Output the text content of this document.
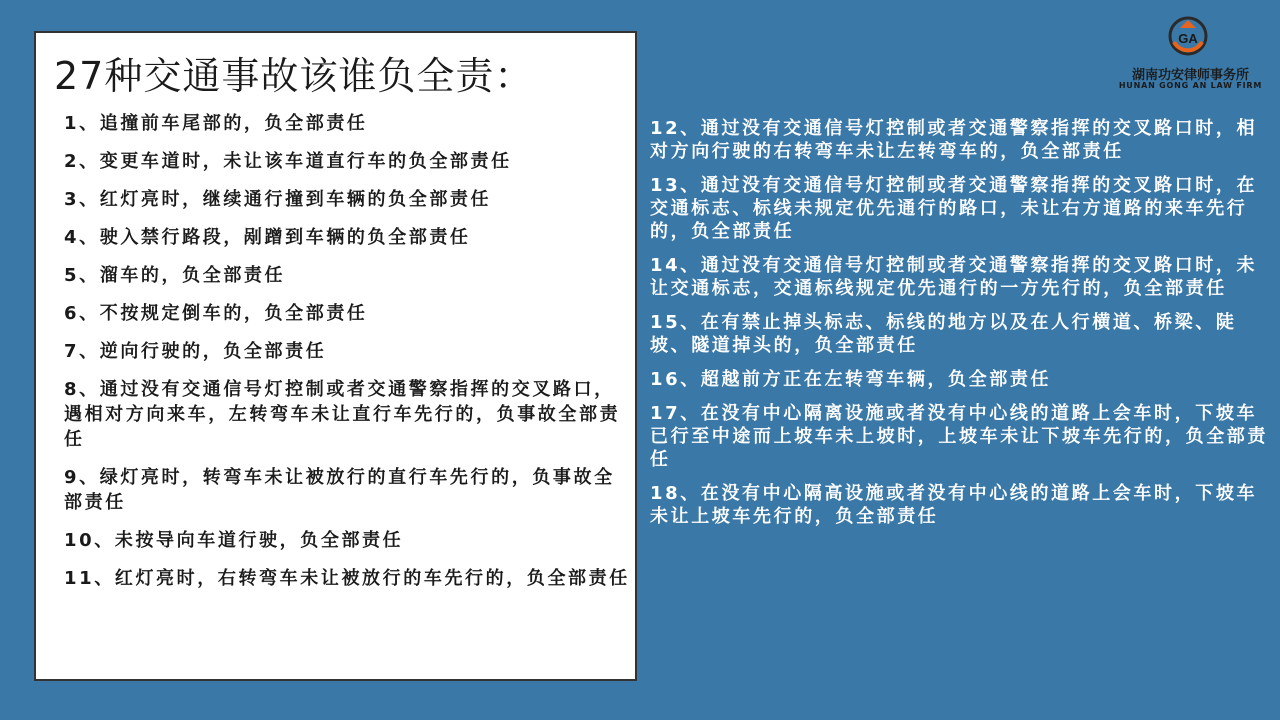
27种交通事故该谁负全责：
1、追撞前车尾部的，负全部责任
2、变更车道时，未让该车道直行车的负全部责任
3、红灯亮时，继续通行撞到车辆的负全部责任
4、驶入禁行路段，剐蹭到车辆的负全部责任
5、溜车的，负全部责任
6、不按规定倒车的，负全部责任
7、逆向行驶的，负全部责任
8、通过没有交通信号灯控制或者交通警察指挥的交叉路口，遇相对方向来车，左转弯车未让直行车先行的，负事故全部责任
9、绿灯亮时，转弯车未让被放行的直行车先行的，负事故全部责任
10、未按导向车道行驶，负全部责任
11、红灯亮时，右转弯车未让被放行的车先行的，负全部责任
GA
湖南功安律师事务所
HUNAN GONG AN LAW FIRM
12、通过没有交通信号灯控制或者交通警察指挥的交叉路口时，相对方向行驶的右转弯车未让左转弯车的，负全部责任
13、通过没有交通信号灯控制或者交通警察指挥的交叉路口时，在交通标志、标线未规定优先通行的路口，未让右方道路的来车先行的，负全部责任
14、通过没有交通信号灯控制或者交通警察指挥的交叉路口时，未让交通标志，交通标线规定优先通行的一方先行的，负全部责任
15、在有禁止掉头标志、标线的地方以及在人行横道、桥梁、陡坡、隧道掉头的，负全部责任
16、超越前方正在左转弯车辆，负全部责任
17、在没有中心隔离设施或者没有中心线的道路上会车时，下坡车已行至中途而上坡车未上坡时，上坡车未让下坡车先行的，负全部责任
18、在没有中心隔高设施或者没有中心线的道路上会车时，下坡车未让上坡车先行的，负全部责任
